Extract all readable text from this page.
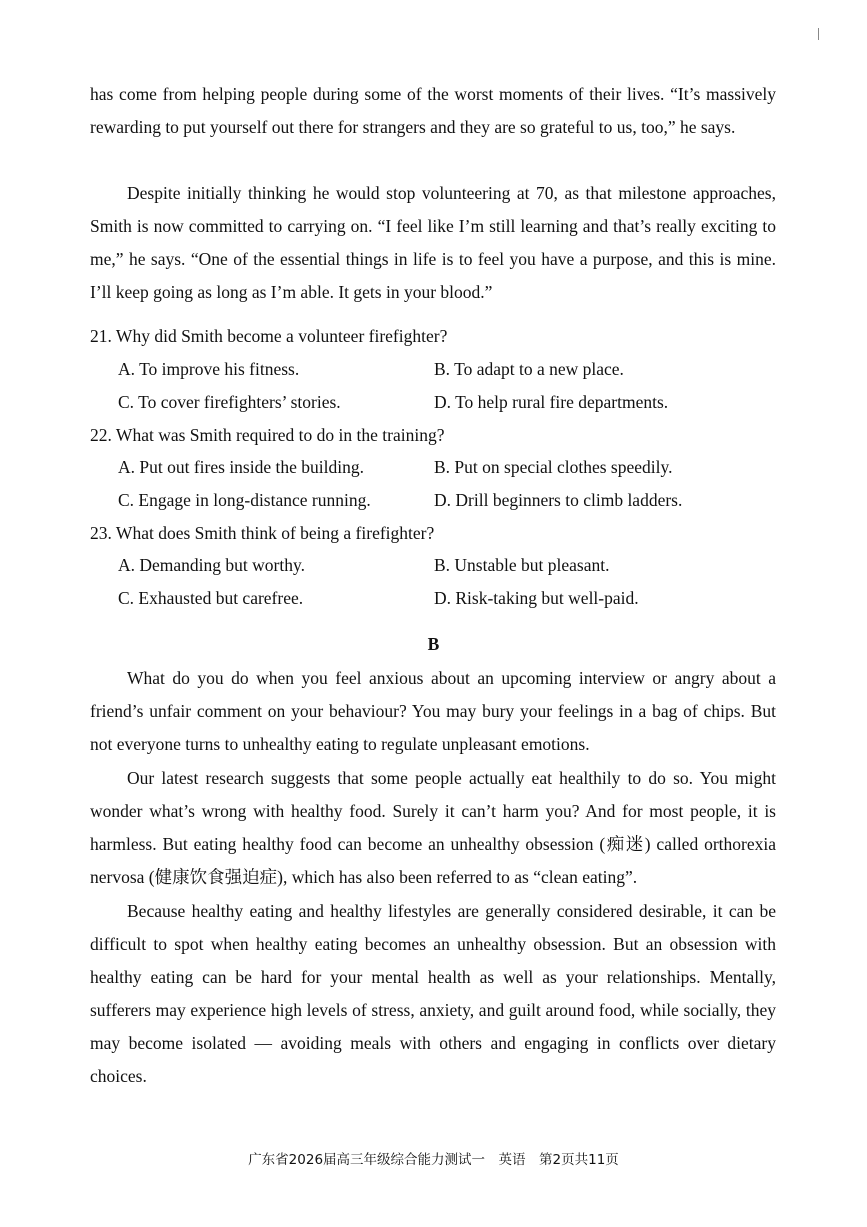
has come from helping people during some of the worst moments of their lives. “It’s massively rewarding to put yourself out there for strangers and they are so grateful to us, too,” he says.

Despite initially thinking he would stop volunteering at 70, as that milestone approaches, Smith is now committed to carrying on. “I feel like I’m still learning and that’s really exciting to me,” he says. “One of the essential things in life is to feel you have a purpose, and this is mine. I’ll keep going as long as I’m able. It gets in your blood.”

21. Why did Smith become a volunteer firefighter?

A. To improve his fitness.	B. To adapt to a new place.

C. To cover firefighters’ stories.	D. To help rural fire departments.

22. What was Smith required to do in the training?

A. Put out fires inside the building.	B. Put on special clothes speedily.

C. Engage in long-distance running.	D. Drill beginners to climb ladders.

23. What does Smith think of being a firefighter?

A. Demanding but worthy.	B. Unstable but pleasant.

C. Exhausted but carefree.	D. Risk-taking but well-paid.

B

What do you do when you feel anxious about an upcoming interview or angry about a friend’s unfair comment on your behaviour? You may bury your feelings in a bag of chips. But not everyone turns to unhealthy eating to regulate unpleasant emotions.

Our latest research suggests that some people actually eat healthily to do so. You might wonder what’s wrong with healthy food. Surely it can’t harm you? And for most people, it is harmless. But eating healthy food can become an unhealthy obsession (痴迷) called orthorexia nervosa (健康饮食强迫症), which has also been referred to as “clean eating”.

Because healthy eating and healthy lifestyles are generally considered desirable, it can be difficult to spot when healthy eating becomes an unhealthy obsession. But an obsession with healthy eating can be hard for your mental health as well as your relationships. Mentally, sufferers may experience high levels of stress, anxiety, and guilt around food, while socially, they may become isolated — avoiding meals with others and engaging in conflicts over dietary choices.

广东省2026届高三年级综合能力测试一　英语　第2页共11页
